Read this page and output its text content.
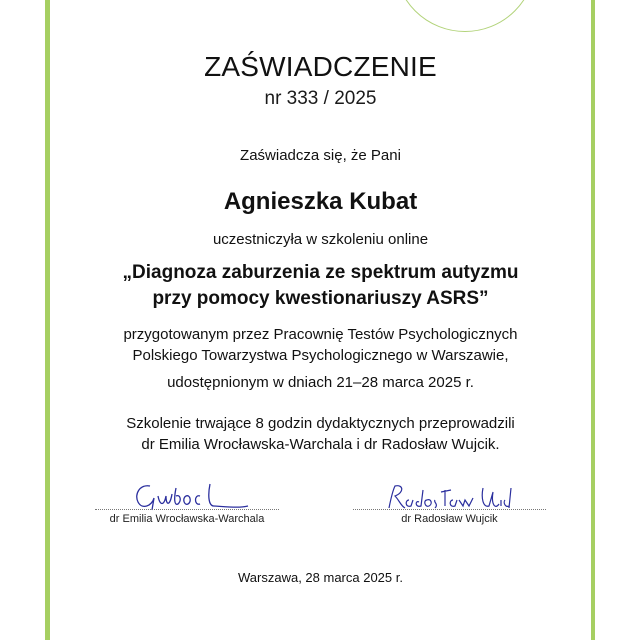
ZAŚWIADCZENIE
nr 333 / 2025
Zaświadcza się, że Pani
Agnieszka Kubat
uczestniczyła w szkoleniu online
„Diagnoza zaburzenia ze spektrum autyzmu
przy pomocy kwestionariuszy ASRS”
przygotowanym przez Pracownię Testów Psychologicznych
Polskiego Towarzystwa Psychologicznego w Warszawie,
udostępnionym w dniach 21–28 marca 2025 r.
Szkolenie trwające 8 godzin dydaktycznych przeprowadzili
dr Emilia Wrocławska-Warchala i dr Radosław Wujcik.
dr Emilia Wrocławska-Warchala	dr Radosław Wujcik
Warszawa, 28 marca 2025 r.
